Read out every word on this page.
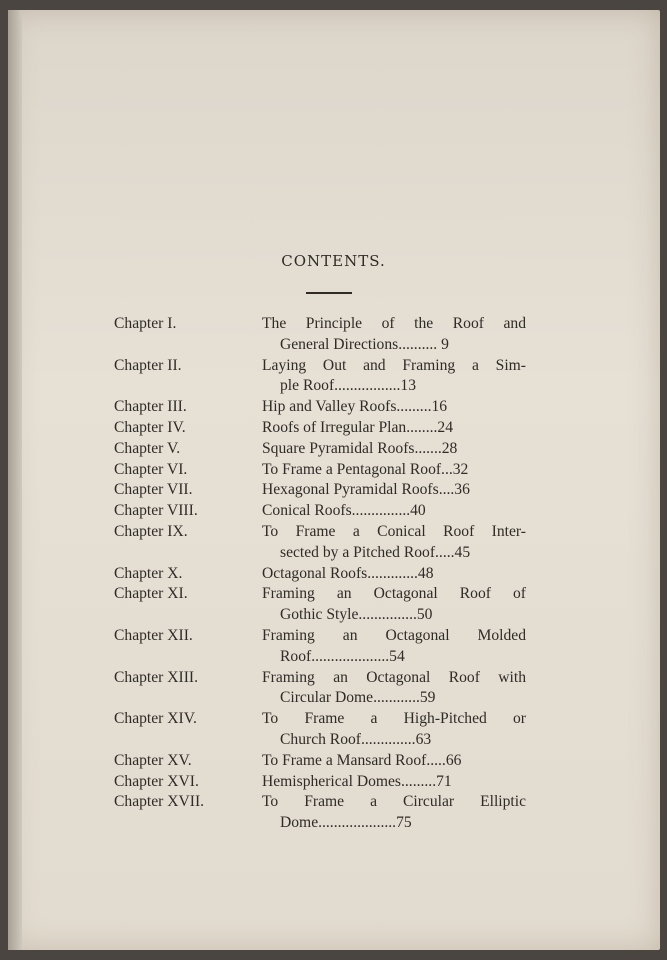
CONTENTS.
Chapter I.	The Principle of the Roof and
General Directions.......... 9
Chapter II.	Laying Out and Framing a Sim-
ple Roof.................13
Chapter III.	Hip and Valley Roofs.........16
Chapter IV.	Roofs of Irregular Plan........24
Chapter V.	Square Pyramidal Roofs.......28
Chapter VI.	To Frame a Pentagonal Roof...32
Chapter VII.	Hexagonal Pyramidal Roofs....36
Chapter VIII.	Conical Roofs...............40
Chapter IX.	To Frame a Conical Roof Inter-
sected by a Pitched Roof.....45
Chapter X.	Octagonal Roofs.............48
Chapter XI.	Framing an Octagonal Roof of
Gothic Style...............50
Chapter XII.	Framing an Octagonal Molded
Roof....................54
Chapter XIII.	Framing an Octagonal Roof with
Circular Dome............59
Chapter XIV.	To Frame a High-Pitched or
Church Roof..............63
Chapter XV.	To Frame a Mansard Roof.....66
Chapter XVI.	Hemispherical Domes.........71
Chapter XVII.	To Frame a Circular Elliptic
Dome....................75
